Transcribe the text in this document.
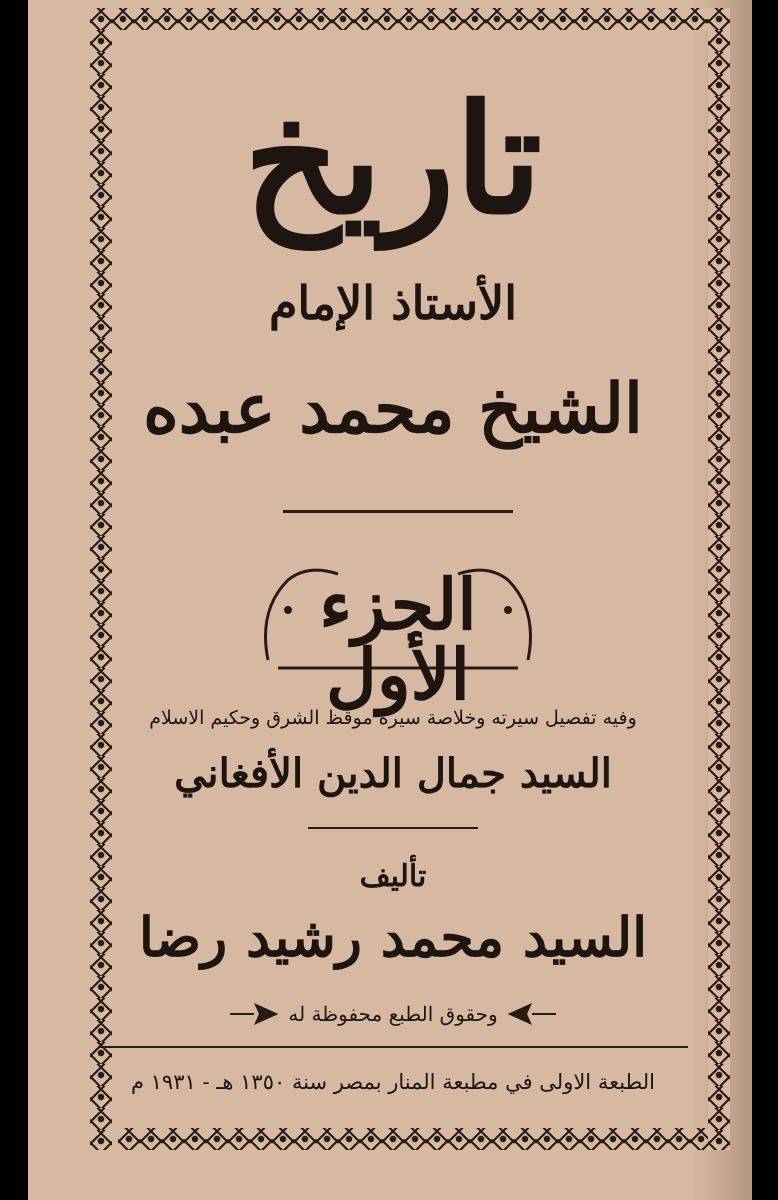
تاريخ
الأستاذ الإمام
الشيخ محمد عبده
الجزء الأول
وفيه تفصيل سيرته وخلاصة سيرة موقظ الشرق وحكيم الاسلام
السيد جمال الدين الأفغاني
تأليف
السيد محمد رشيد رضا
وحقوق الطبع محفوظة له
الطبعة الاولى في مطبعة المنار بمصر سنة ١٣٥٠ هـ - ١٩٣١ م
